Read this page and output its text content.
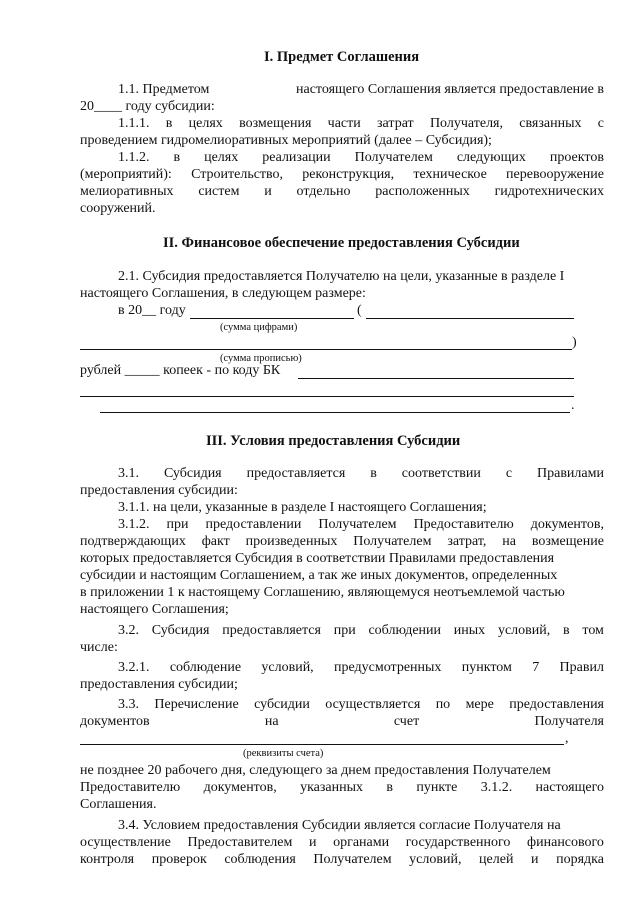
I. Предмет Соглашения
1.1. Предметом	настоящего Соглашения является предоставление в
20____ году субсидии:
1.1.1. в целях возмещения части затрат Получателя, связанных с
проведением гидромелиоративных мероприятий (далее – Субсидия);
1.1.2. в целях реализации Получателем следующих проектов
(мероприятий): Строительство, реконструкция, техническое перевооружение
мелиоративных систем и отдельно расположенных гидротехнических
сооружений.
II. Финансовое обеспечение предоставления Субсидии
2.1. Субсидия предоставляется Получателю на цели, указанные в разделе I
настоящего Соглашения, в следующем размере:
в 20__ году	(
(сумма цифрами)
)
(сумма прописью)
рублей _____ копеек - по коду БК
.
III. Условия предоставления Субсидии
3.1. Субсидия предоставляется в соответствии с Правилами
предоставления субсидии:
3.1.1. на цели, указанные в разделе I настоящего Соглашения;
3.1.2. при предоставлении Получателем Предоставителю документов,
подтверждающих факт произведенных Получателем затрат, на возмещение
которых предоставляется Субсидия в соответствии Правилами предоставления
субсидии и настоящим Соглашением, а так же иных документов, определенных
в приложении 1 к настоящему Соглашению, являющемуся неотъемлемой частью
настоящего Соглашения;
3.2. Субсидия предоставляется при соблюдении иных условий, в том
числе:
3.2.1. соблюдение условий, предусмотренных пунктом 7 Правил
предоставления субсидии;
3.3. Перечисление субсидии осуществляется по мере предоставления
документов	на	счет	Получателя
,
(реквизиты счета)
не позднее 20 рабочего дня, следующего за днем предоставления Получателем
Предоставителю документов, указанных в пункте 3.1.2. настоящего
Соглашения.
3.4. Условием предоставления Субсидии является согласие Получателя на
осуществление Предоставителем и органами государственного финансового
контроля проверок соблюдения Получателем условий, целей и порядка
